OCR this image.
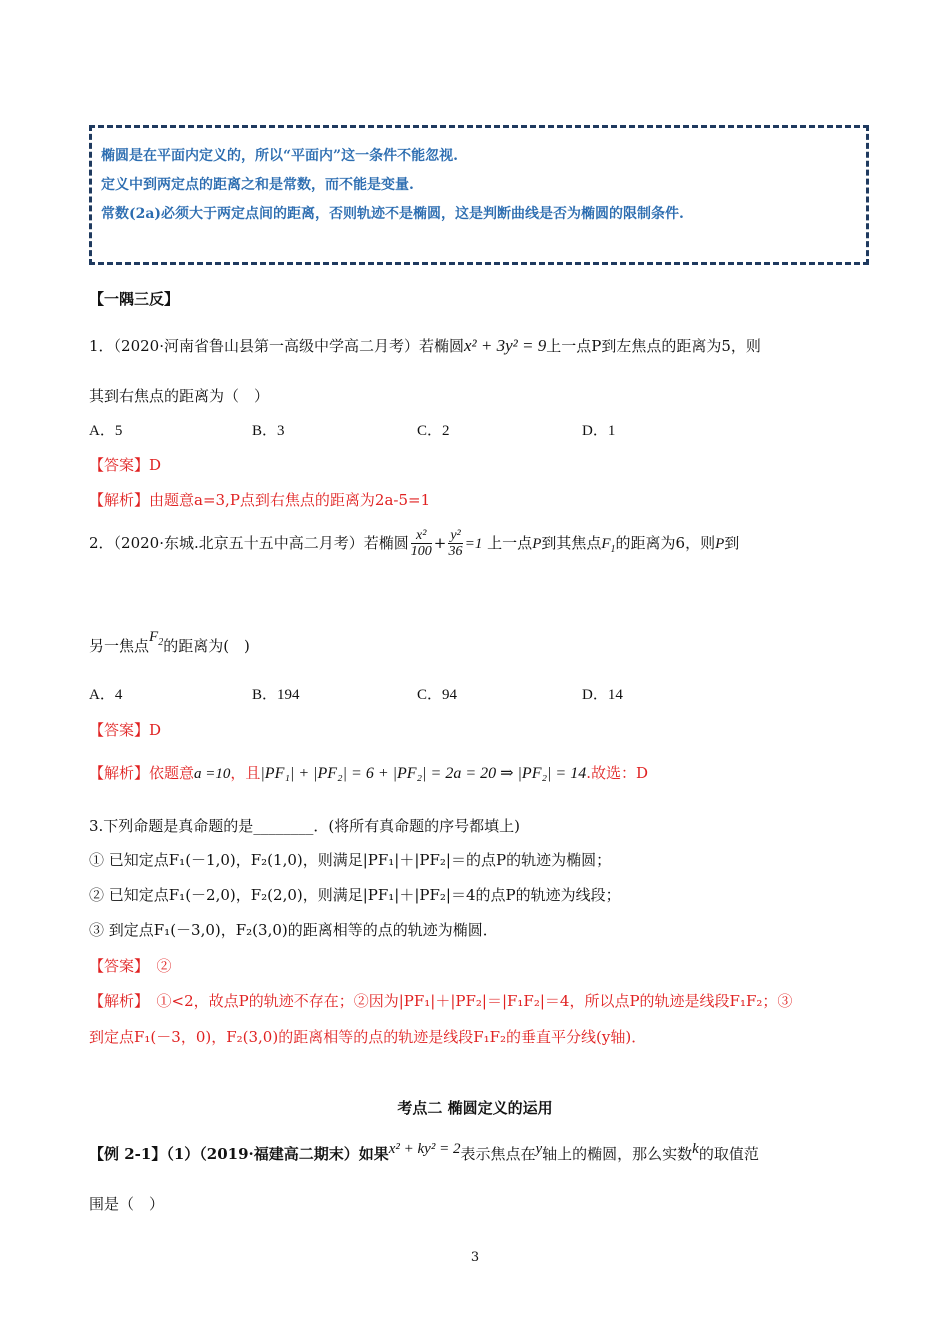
椭圆是在平面内定义的，所以“平面内”这一条件不能忽视.
定义中到两定点的距离之和是常数，而不能是变量.
常数(2a)必须大于两定点间的距离，否则轨迹不是椭圆，这是判断曲线是否为椭圆的限制条件.
【一隅三反】
1．（2020·河南省鲁山县第一高级中学高二月考）若椭圆x² + 3y² = 9上一点P到左焦点的距离为5，则
其到右焦点的距离为（　）
A．5	B．3	C．2	D．1
【答案】D
【解析】由题意a=3,P点到右焦点的距离为2a-5=1
2．（2020·东城.北京五十五中高二月考）若椭圆 $\frac{\text{x²}}{100} + \frac{\text{y²}}{36} =1$ 上一点P到其焦点$F_1$的距离为6，则P到
另一焦点$F_2$的距离为(　)
A．4	B．194	C．94	D．14
【答案】D
【解析】依题意a =10，且|PF₁| + |PF₂| = 6 + |PF₂| = 2a = 20 ⇒ |PF₂| = 14.故选：D
3.下列命题是真命题的是________．(将所有真命题的序号都填上)
① 已知定点F₁(－1,0)，F₂(1,0)，则满足|PF₁|＋|PF₂|＝的点P的轨迹为椭圆；
② 已知定点F₁(－2,0)，F₂(2,0)，则满足|PF₁|＋|PF₂|＝4的点P的轨迹为线段；
③ 到定点F₁(－3,0)，F₂(3,0)的距离相等的点的轨迹为椭圆．
【答案】　②
【解析】　①<2，故点P的轨迹不存在；②因为|PF₁|＋|PF₂|＝|F₁F₂|＝4，所以点P的轨迹是线段F₁F₂；③
到定点F₁(－3，0)，F₂(3,0)的距离相等的点的轨迹是线段F₁F₂的垂直平分线(y轴)．
考点二 椭圆定义的运用
【例 2-1】（1）（2019·福建高二期末）如果x² + ky² = 2表示焦点在y轴上的椭圆，那么实数k的取值范
围是（　）
3
